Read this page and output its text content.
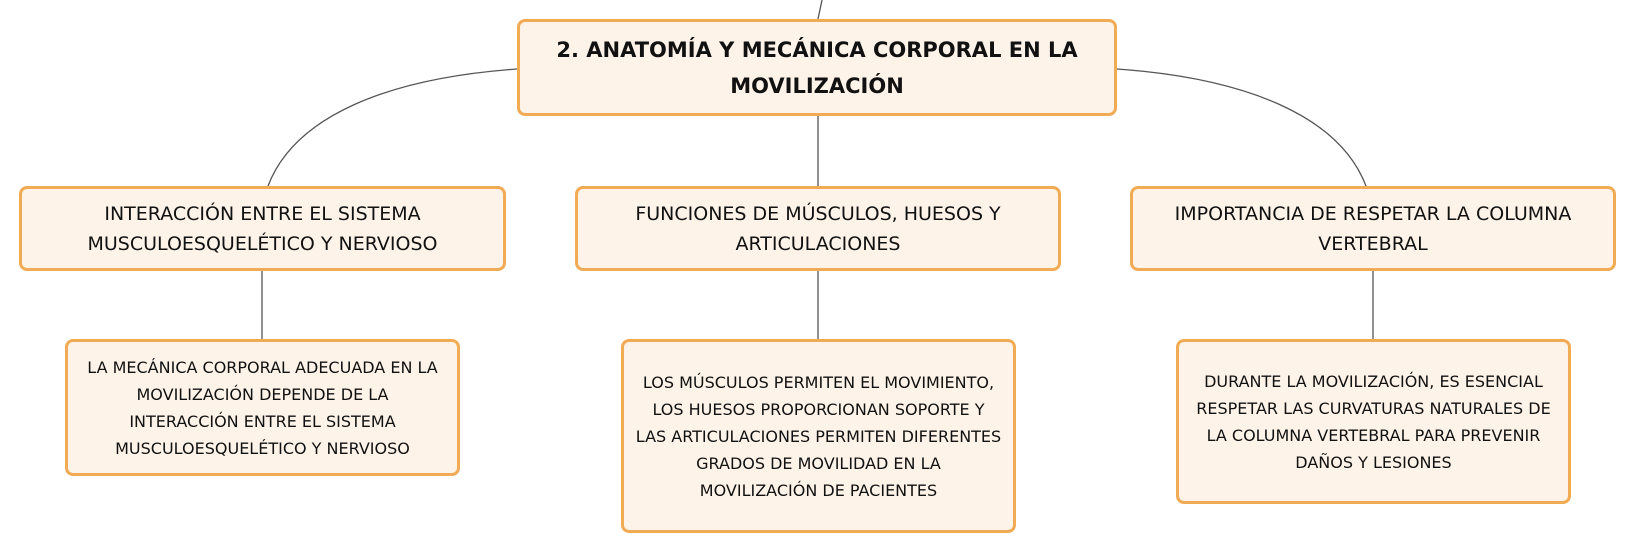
2. ANATOMÍA Y MECÁNICA CORPORAL EN LA
MOVILIZACIÓN
INTERACCIÓN ENTRE EL SISTEMA
MUSCULOESQUELÉTICO Y NERVIOSO
FUNCIONES DE MÚSCULOS, HUESOS Y
ARTICULACIONES
IMPORTANCIA DE RESPETAR LA COLUMNA
VERTEBRAL
LA MECÁNICA CORPORAL ADECUADA EN LA
MOVILIZACIÓN DEPENDE DE LA
INTERACCIÓN ENTRE EL SISTEMA
MUSCULOESQUELÉTICO Y NERVIOSO
LOS MÚSCULOS PERMITEN EL MOVIMIENTO,
LOS HUESOS PROPORCIONAN SOPORTE Y
LAS ARTICULACIONES PERMITEN DIFERENTES
GRADOS DE MOVILIDAD EN LA
MOVILIZACIÓN DE PACIENTES
DURANTE LA MOVILIZACIÓN, ES ESENCIAL
RESPETAR LAS CURVATURAS NATURALES DE
LA COLUMNA VERTEBRAL PARA PREVENIR
DAÑOS Y LESIONES
